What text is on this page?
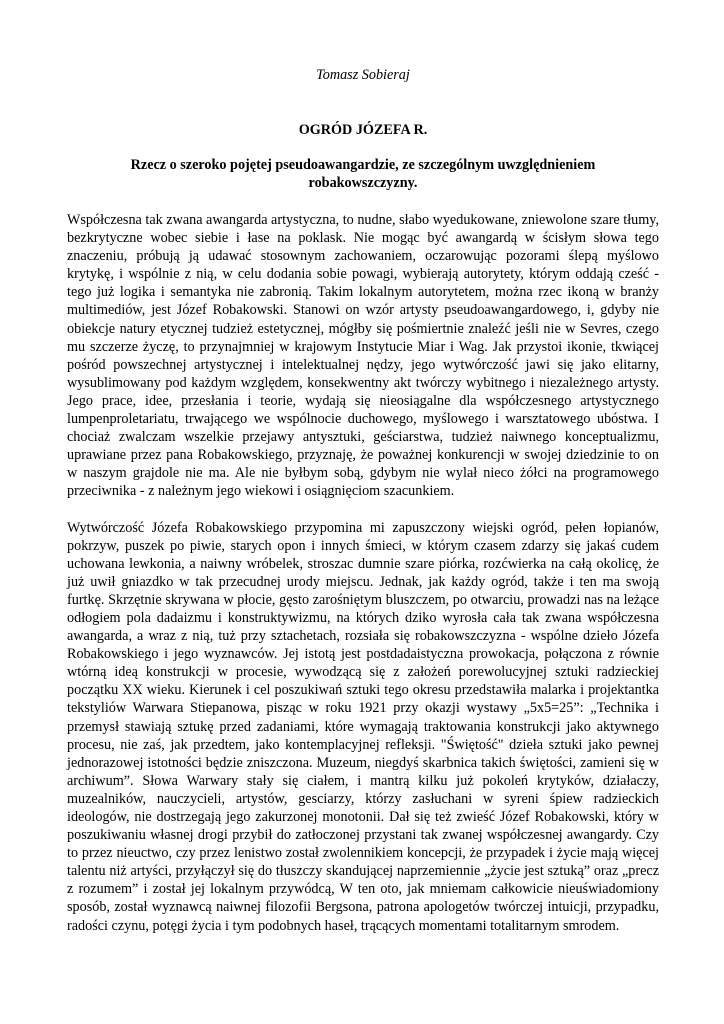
Tomasz Sobieraj
OGRÓD JÓZEFA R.
Rzecz o szeroko pojętej pseudoawangardzie, ze szczególnym uwzględnieniem robakowszczyzny.

Współczesna tak zwana awangarda artystyczna, to nudne, słabo wyedukowane, zniewolone szare tłumy, bezkrytyczne wobec siebie i łase na poklask. Nie mogąc być awangardą w ścisłym słowa tego znaczeniu, próbują ją udawać stosownym zachowaniem, oczarowując pozorami ślepą myślowo krytykę, i wspólnie z nią, w celu dodania sobie powagi, wybierają autorytety, którym oddają cześć - tego już logika i semantyka nie zabronią. Takim lokalnym autorytetem, można rzec ikoną w branży multimediów, jest Józef Robakowski. Stanowi on wzór artysty pseudoawangardowego, i, gdyby nie obiekcje natury etycznej tudzież estetycznej, mógłby się pośmiertnie znaleźć jeśli nie w Sevres, czego mu szczerze życzę, to przynajmniej w krajowym Instytucie Miar i Wag. Jak przystoi ikonie, tkwiącej pośród powszechnej artystycznej i intelektualnej nędzy, jego wytwórczość jawi się jako elitarny, wysublimowany pod każdym względem, konsekwentny akt twórczy wybitnego i niezależnego artysty. Jego prace, idee, przesłania i teorie, wydają się nieosiągalne dla współczesnego artystycznego lumpenproletariatu, trwającego we wspólnocie duchowego, myślowego i warsztatowego ubóstwa. I chociaż zwalczam wszelkie przejawy antysztuki, geściarstwa, tudzież naiwnego konceptualizmu, uprawiane przez pana Robakowskiego, przyznaję, że poważnej konkurencji w swojej dziedzinie to on w naszym grajdole nie ma. Ale nie byłbym sobą, gdybym nie wylał nieco żółci na programowego przeciwnika - z należnym jego wiekowi i osiągnięciom szacunkiem.

Wytwórczość Józefa Robakowskiego przypomina mi zapuszczony wiejski ogród, pełen łopianów, pokrzyw, puszek po piwie, starych opon i innych śmieci, w którym czasem zdarzy się jakaś cudem uchowana lewkonia, a naiwny wróbelek, stroszac dumnie szare piórka, rozćwierka na całą okolicę, że już uwił gniazdko w tak przecudnej urody miejscu. Jednak, jak każdy ogród, także i ten ma swoją furtkę. Skrzętnie skrywana w płocie, gęsto zarośniętym bluszczem, po otwarciu, prowadzi nas na leżące odłogiem pola dadaizmu i konstruktywizmu, na których dziko wyrosła cała tak zwana współczesna awangarda, a wraz z nią, tuż przy sztachetach, rozsiała się robakowszczyzna - wspólne dzieło Józefa Robakowskiego i jego wyznawców. Jej istotą jest postdadaistyczna prowokacja, połączona z równie wtórną ideą konstrukcji w procesie, wywodzącą się z założeń porewolucyjnej sztuki radzieckiej początku XX wieku. Kierunek i cel poszukiwań sztuki tego okresu przedstawiła malarka i projektantka tekstyliów Warwara Stiepanowa, pisząc w roku 1921 przy okazji wystawy „5x5=25”: „Technika i przemysł stawiają sztukę przed zadaniami, które wymagają traktowania konstrukcji jako aktywnego procesu, nie zaś, jak przedtem, jako kontemplacyjnej refleksji. "Świętość" dzieła sztuki jako pewnej jednorazowej istotności będzie zniszczona. Muzeum, niegdyś skarbnica takich świętości, zamieni się w archiwum”. Słowa Warwary stały się ciałem, i mantrą kilku już pokoleń krytyków, działaczy, muzealników, nauczycieli, artystów, gesciarzy, którzy zasłuchani w syreni śpiew radzieckich ideologów, nie dostrzegają jego zakurzonej monotonii. Dał się też zwieść Józef Robakowski, który w poszukiwaniu własnej drogi przybił do zatłoczonej przystani tak zwanej współczesnej awangardy. Czy to przez nieuctwo, czy przez lenistwo został zwolennikiem koncepcji, że przypadek i życie mają więcej talentu niż artyści, przyłączył się do tłuszczy skandującej naprzemiennie „życie jest sztuką” oraz „precz z rozumem” i został jej lokalnym przywódcą, W ten oto, jak mniemam całkowicie nieuświadomiony sposób, został wyznawcą naiwnej filozofii Bergsona, patrona apologetów twórczej intuicji, przypadku, radości czynu, potęgi życia i tym podobnych haseł, trącących momentami totalitarnym smrodem.
